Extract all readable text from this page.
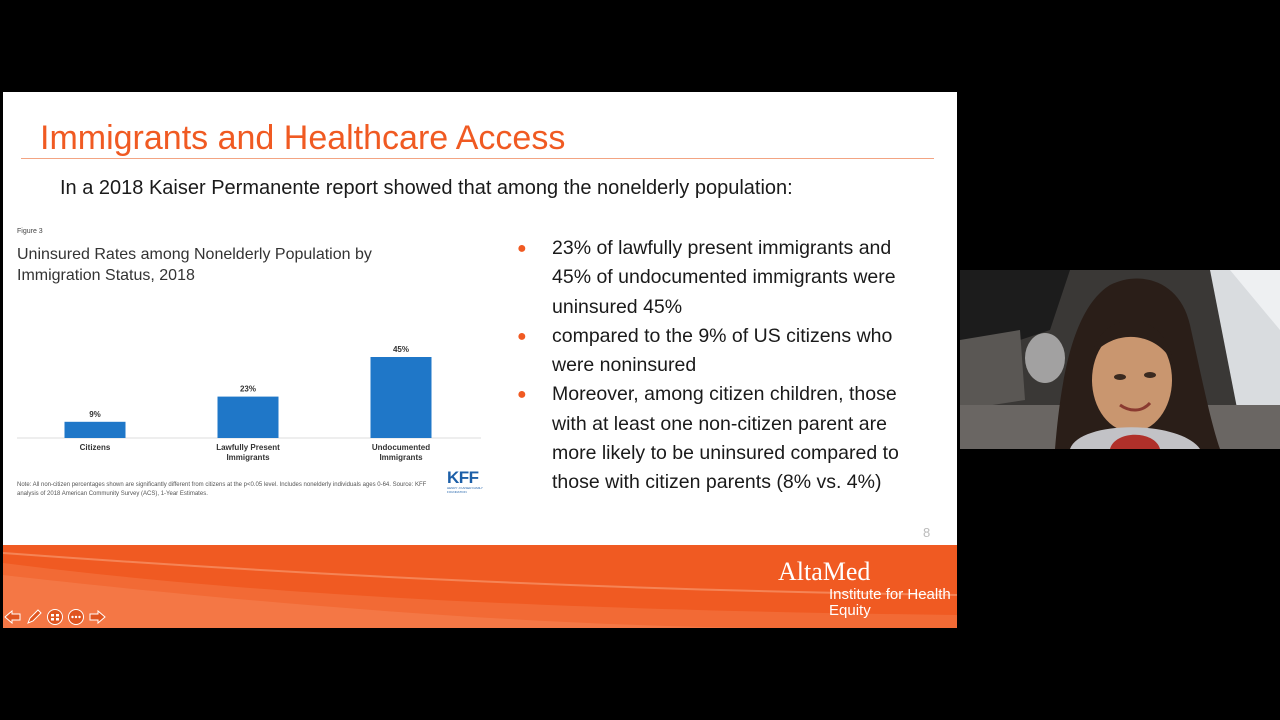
Immigrants and Healthcare Access
In a 2018 Kaiser Permanente report showed that among the nonelderly population:
Figure 3
Uninsured Rates among Nonelderly Population by Immigration Status, 2018
9%
Citizens
23%
Lawfully Present Immigrants
45%
Undocumented Immigrants
Note: All non-citizen percentages shown are significantly different from citizens at the p<0.05 level. Includes nonelderly individuals ages 0-64. Source: KFF analysis of 2018 American Community Survey (ACS), 1-Year Estimates.
KFF
HENRY J KAISER FAMILY FOUNDATION
● 23% of lawfully present immigrants and 45% of undocumented immigrants were uninsured 45%
● compared to the 9% of US citizens who were noninsured
● Moreover, among citizen children, those with at least one non-citizen parent are more likely to be uninsured compared to those with citizen parents (8% vs. 4%)
8
AltaMed
Institute for Health Equity
